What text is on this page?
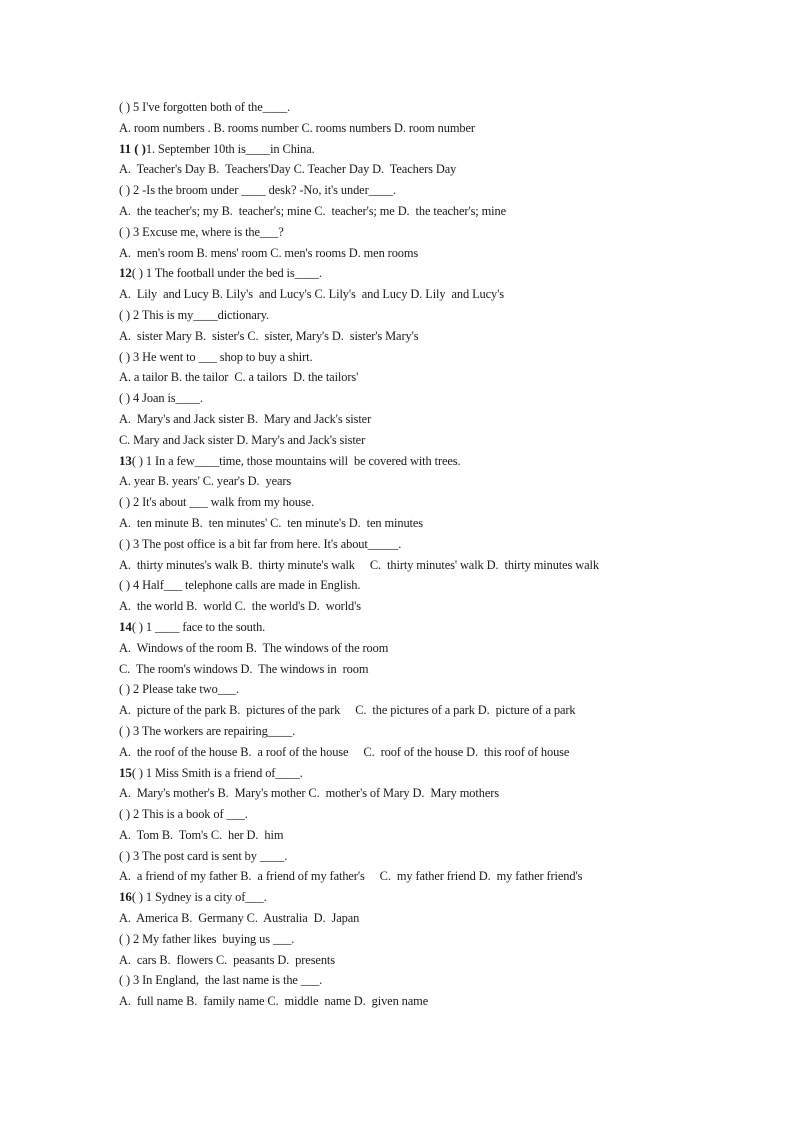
( ) 5 I've forgotten both of the____.
A. room numbers . B. rooms number C. rooms numbers D. room number
11 ( )1. September 10th is____in China.
A.  Teacher's Day B.  Teachers'Day C. Teacher Day D.  Teachers Day
( ) 2 -Is the broom under ____ desk? -No, it's under____.
A.  the teacher's; my B.  teacher's; mine C.  teacher's; me D.  the teacher's; mine
( ) 3 Excuse me, where is the___?
A.  men's room B. mens' room C. men's rooms D. men rooms
12( ) 1 The football under the bed is____.
A.  Lily  and Lucy B. Lily's  and Lucy's C. Lily's  and Lucy D. Lily  and Lucy's
( ) 2 This is my____dictionary.
A.  sister Mary B.  sister's C.  sister, Mary's D.  sister's Mary's
( ) 3 He went to ___ shop to buy a shirt.
A. a tailor B. the tailor  C. a tailors  D. the tailors'
( ) 4 Joan is____.
A.  Mary's and Jack sister B.  Mary and Jack's sister
C. Mary and Jack sister D. Mary's and Jack's sister
13( ) 1 In a few____time, those mountains will  be covered with trees.
A. year B. years' C. year's D.  years
( ) 2 It's about ___ walk from my house.
A.  ten minute B.  ten minutes' C.  ten minute's D.  ten minutes
( ) 3 The post office is a bit far from here. It's about_____.
A.  thirty minutes's walk B.  thirty minute's walk     C.  thirty minutes' walk D.  thirty minutes walk
( ) 4 Half___ telephone calls are made in English.
A.  the world B.  world C.  the world's D.  world's
14( ) 1 ____ face to the south.
A.  Windows of the room B.  The windows of the room
C.  The room's windows D.  The windows in  room
( ) 2 Please take two___.
A.  picture of the park B.  pictures of the park     C.  the pictures of a park D.  picture of a park
( ) 3 The workers are repairing____.
A.  the roof of the house B.  a roof of the house     C.  roof of the house D.  this roof of house
15( ) 1 Miss Smith is a friend of____.
A.  Mary's mother's B.  Mary's mother C.  mother's of Mary D.  Mary mothers
( ) 2 This is a book of ___.
A.  Tom B.  Tom's C.  her D.  him
( ) 3 The post card is sent by ____.
A.  a friend of my father B.  a friend of my father's     C.  my father friend D.  my father friend's
16( ) 1 Sydney is a city of___.
A.  America B.  Germany C.  Australia  D.  Japan
( ) 2 My father likes  buying us ___.
A.  cars B.  flowers C.  peasants D.  presents
( ) 3 In England,  the last name is the ___.
A.  full name B.  family name C.  middle  name D.  given name
